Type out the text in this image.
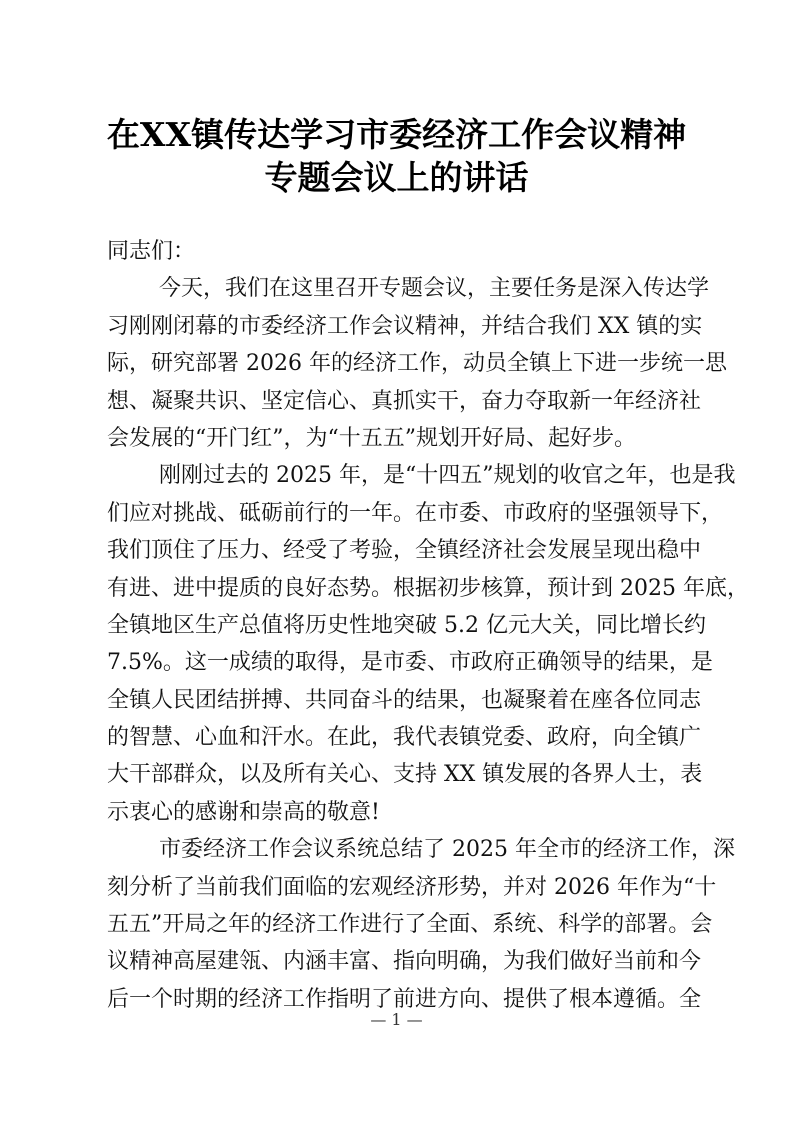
在XX镇传达学习市委经济工作会议精神
专题会议上的讲话
同志们：
今天，我们在这里召开专题会议，主要任务是深入传达学
习刚刚闭幕的市委经济工作会议精神，并结合我们 XX 镇的实
际，研究部署 2026 年的经济工作，动员全镇上下进一步统一思
想、凝聚共识、坚定信心、真抓实干，奋力夺取新一年经济社
会发展的“开门红”，为“十五五”规划开好局、起好步。
刚刚过去的 2025 年，是“十四五”规划的收官之年，也是我
们应对挑战、砥砺前行的一年。在市委、市政府的坚强领导下，
我们顶住了压力、经受了考验，全镇经济社会发展呈现出稳中
有进、进中提质的良好态势。根据初步核算，预计到 2025 年底，
全镇地区生产总值将历史性地突破 5.2 亿元大关，同比增长约
7.5%。这一成绩的取得，是市委、市政府正确领导的结果，是
全镇人民团结拼搏、共同奋斗的结果，也凝聚着在座各位同志
的智慧、心血和汗水。在此，我代表镇党委、政府，向全镇广
大干部群众，以及所有关心、支持 XX 镇发展的各界人士，表
示衷心的感谢和崇高的敬意!
市委经济工作会议系统总结了 2025 年全市的经济工作，深
刻分析了当前我们面临的宏观经济形势，并对 2026 年作为“十
五五”开局之年的经济工作进行了全面、系统、科学的部署。会
议精神高屋建瓴、内涵丰富、指向明确，为我们做好当前和今
后一个时期的经济工作指明了前进方向、提供了根本遵循。全
— 1 —
